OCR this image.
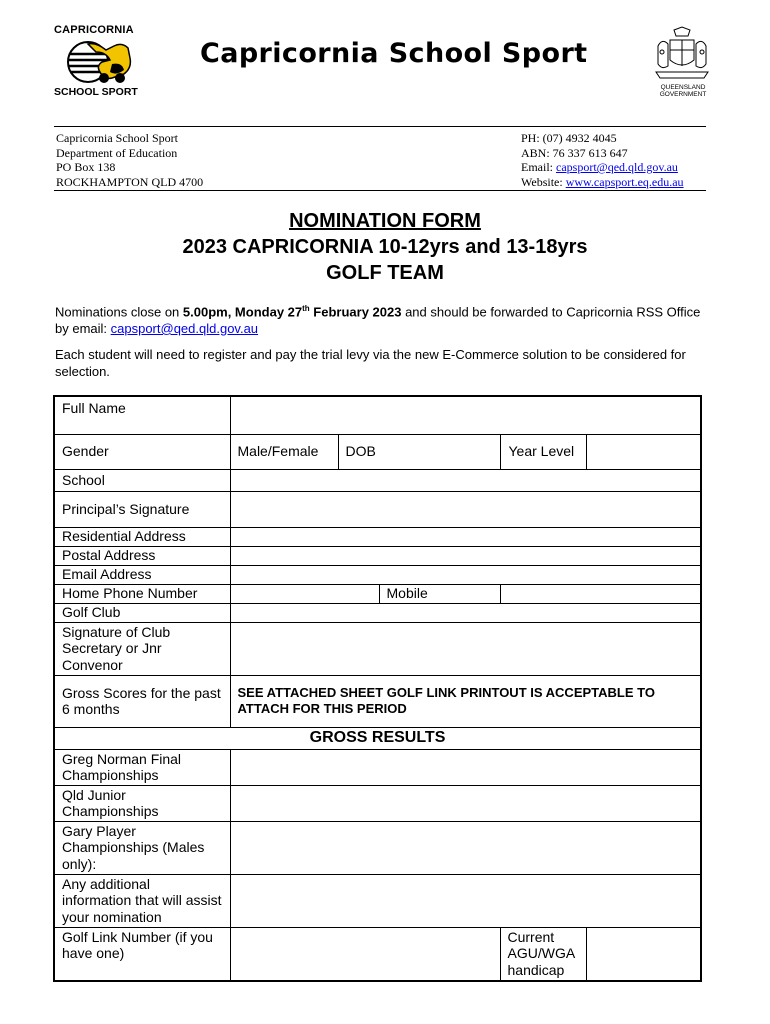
CAPRICORNIA
SCHOOL SPORT
Capricornia School Sport
QUEENSLAND
GOVERNMENT
Capricornia School Sport
Department of Education
PO Box 138
ROCKHAMPTON QLD 4700
PH: (07) 4932 4045
ABN: 76 337 613 647
Email: capsport@qed.qld.gov.au
Website: www.capsport.eq.edu.au
NOMINATION FORM
2023 CAPRICORNIA 10-12yrs and 13-18yrs
GOLF TEAM
Nominations close on 5.00pm, Monday 27th February 2023 and should be forwarded to Capricornia RSS Office by email: capsport@qed.qld.gov.au
Each student will need to register and pay the trial levy via the new E-Commerce solution to be considered for selection.
Full Name					
Gender	Male/Female	DOB		Year Level	
School					
Principal’s Signature					
Residential Address					
Postal Address					
Email Address					
Home Phone Number			Mobile		
Golf Club					
Signature of Club Secretary or Jnr Convenor					
Gross Scores for the past 6 months	SEE ATTACHED SHEET GOLF LINK PRINTOUT IS ACCEPTABLE TO ATTACH FOR THIS PERIOD				
GROSS RESULTS					
Greg Norman Final Championships					
Qld Junior Championships					
Gary Player Championships (Males only):					
Any additional information that will assist your nomination					
Golf Link Number (if you have one)				Current AGU/WGA handicap	
